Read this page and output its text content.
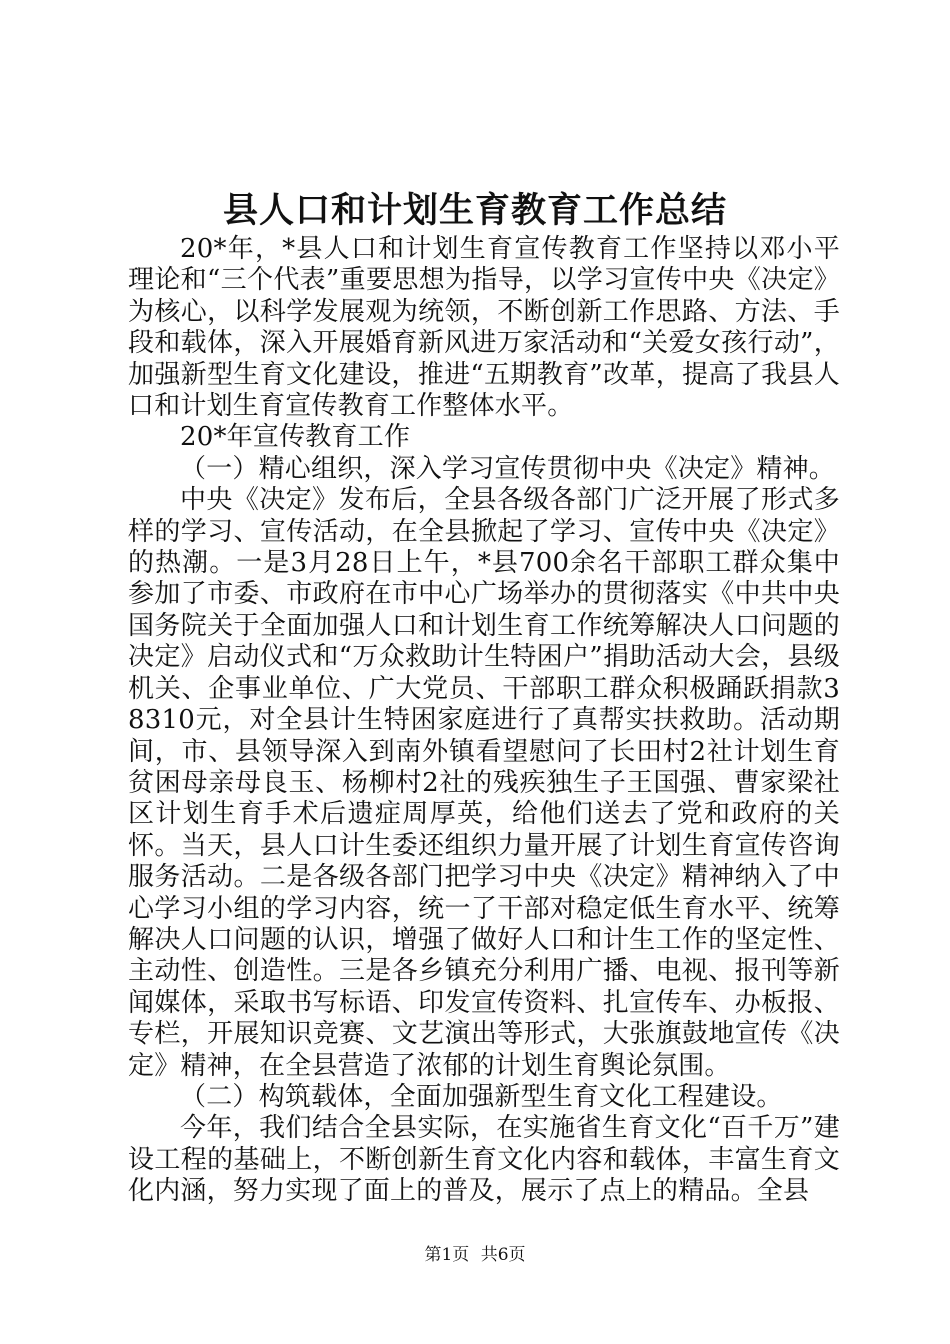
县人口和计划生育教育工作总结

20*年，*县人口和计划生育宣传教育工作坚持以邓小平理论和“三个代表”重要思想为指导，以学习宣传中央《决定》为核心，以科学发展观为统领，不断创新工作思路、方法、手段和载体，深入开展婚育新风进万家活动和“关爱女孩行动”，加强新型生育文化建设，推进“五期教育”改革，提高了我县人口和计划生育宣传教育工作整体水平。

20*年宣传教育工作

（一）精心组织，深入学习宣传贯彻中央《决定》精神。

中央《决定》发布后，全县各级各部门广泛开展了形式多样的学习、宣传活动，在全县掀起了学习、宣传中央《决定》的热潮。一是3月28日上午，*县700余名干部职工群众集中参加了市委、市政府在市中心广场举办的贯彻落实《中共中央国务院关于全面加强人口和计划生育工作统筹解决人口问题的决定》启动仪式和“万众救助计生特困户”捐助活动大会，县级机关、企事业单位、广大党员、干部职工群众积极踊跃捐款38310元，对全县计生特困家庭进行了真帮实扶救助。活动期间，市、县领导深入到南外镇看望慰问了长田村2社计划生育贫困母亲母良玉、杨柳村2社的残疾独生子王国强、曹家梁社区计划生育手术后遗症周厚英，给他们送去了党和政府的关怀。当天，县人口计生委还组织力量开展了计划生育宣传咨询服务活动。二是各级各部门把学习中央《决定》精神纳入了中心学习小组的学习内容，统一了干部对稳定低生育水平、统筹解决人口问题的认识，增强了做好人口和计生工作的坚定性、主动性、创造性。三是各乡镇充分利用广播、电视、报刊等新闻媒体，采取书写标语、印发宣传资料、扎宣传车、办板报、专栏，开展知识竞赛、文艺演出等形式，大张旗鼓地宣传《决定》精神，在全县营造了浓郁的计划生育舆论氛围。

（二）构筑载体，全面加强新型生育文化工程建设。

今年，我们结合全县实际，在实施省生育文化“百千万”建设工程的基础上，不断创新生育文化内容和载体，丰富生育文化内涵，努力实现了面上的普及，展示了点上的精品。全县

第1页 共6页
